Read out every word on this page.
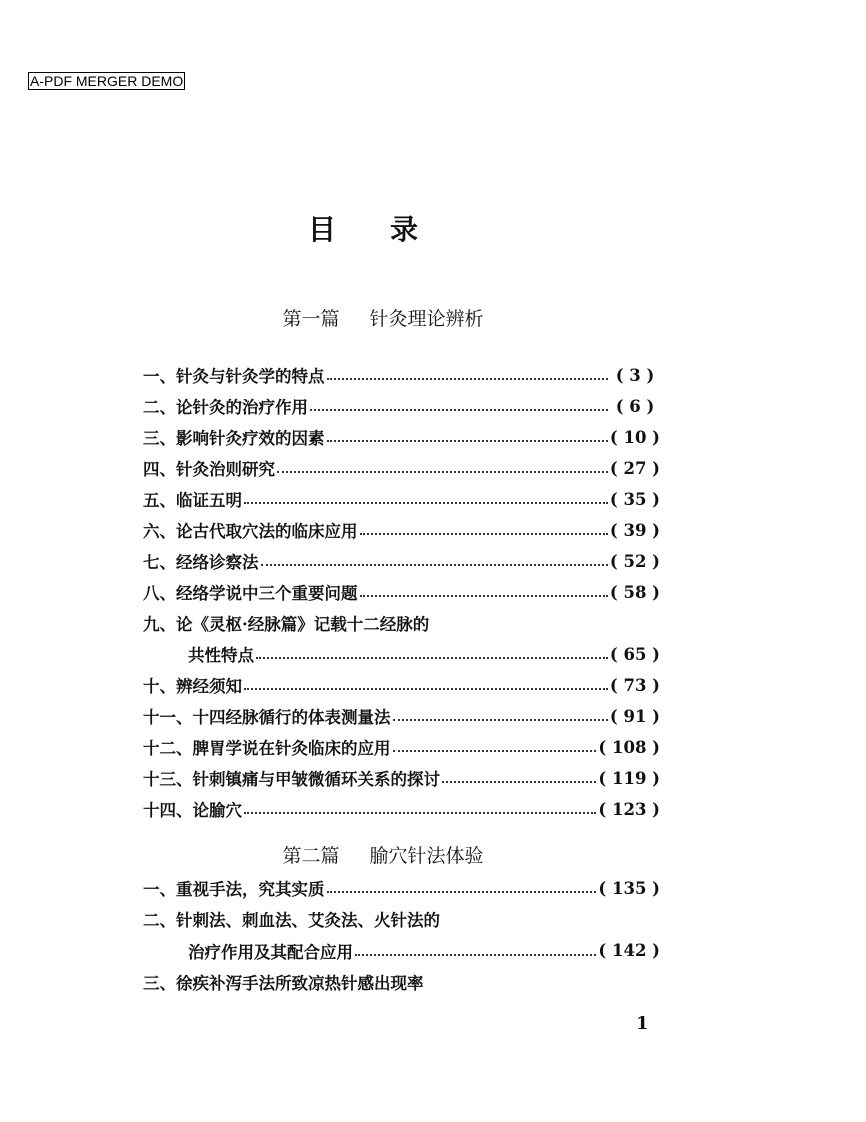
A-PDF MERGER DEMO
目录
第一篇 针灸理论辨析
一、针灸与针灸学的特点	( 3 )
二、论针灸的治疗作用	( 6 )
三、影响针灸疗效的因素	( 10 )
四、针灸治则研究	( 27 )
五、临证五明	( 35 )
六、论古代取穴法的临床应用	( 39 )
七、经络诊察法	( 52 )
八、经络学说中三个重要问题	( 58 )
九、论《灵枢·经脉篇》记载十二经脉的
共性特点	( 65 )
十、辨经须知	( 73 )
十一、十四经脉循行的体表测量法	( 91 )
十二、脾胃学说在针灸临床的应用	( 108 )
十三、针刺镇痛与甲皱微循环关系的探讨	( 119 )
十四、论腧穴	( 123 )
第二篇 腧穴针法体验
一、重视手法，究其实质	( 135 )
二、针刺法、刺血法、艾灸法、火针法的
治疗作用及其配合应用	( 142 )
三、徐疾补泻手法所致凉热针感出现率
1
